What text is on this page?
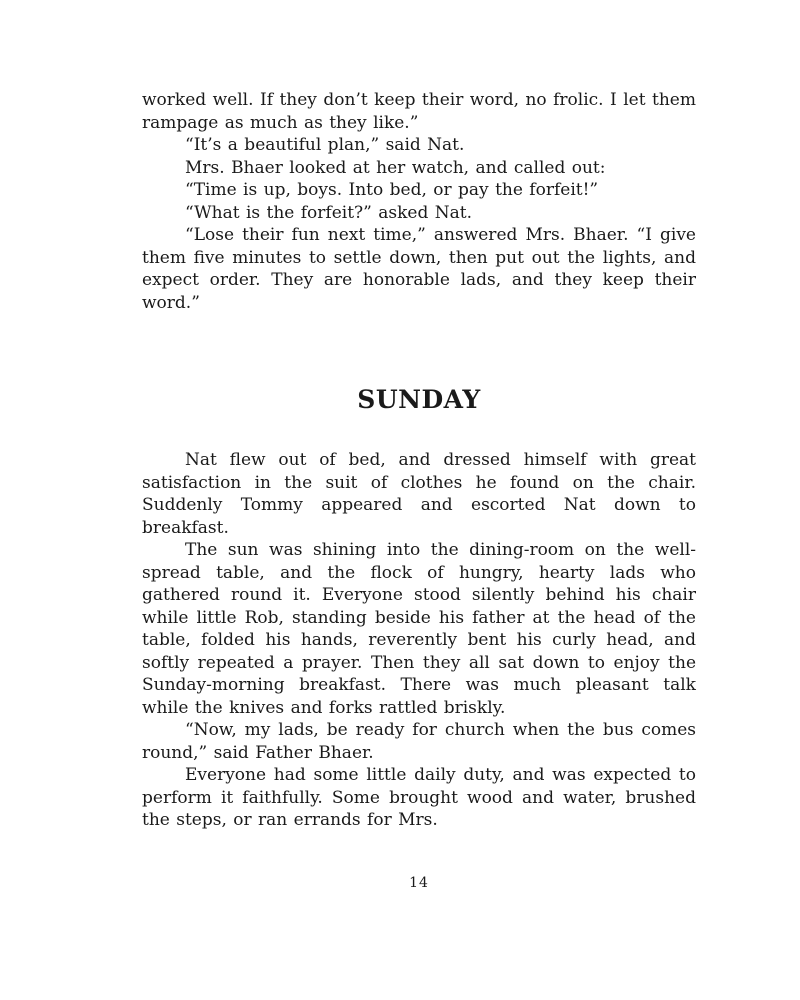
worked well. If they don’t keep their word, no frolic. I let them rampage as much as they like.”

“It’s a beautiful plan,” said Nat.

Mrs. Bhaer looked at her watch, and called out:

“Time is up, boys. Into bed, or pay the forfeit!”

“What is the forfeit?” asked Nat.

“Lose their fun next time,” answered Mrs. Bhaer. “I give them five minutes to settle down, then put out the lights, and expect order. They are honorable lads, and they keep their word.”

SUNDAY

Nat flew out of bed, and dressed himself with great satisfaction in the suit of clothes he found on the chair. Suddenly Tommy appeared and escorted Nat down to breakfast.

The sun was shining into the dining-room on the well-spread table, and the flock of hungry, hearty lads who gathered round it. Everyone stood silently behind his chair while little Rob, standing beside his father at the head of the table, folded his hands, reverently bent his curly head, and softly repeated a prayer. Then they all sat down to enjoy the Sunday-morning breakfast. There was much pleasant talk while the knives and forks rattled briskly.

“Now, my lads, be ready for church when the bus comes round,” said Father Bhaer.

Everyone had some little daily duty, and was expected to perform it faithfully. Some brought wood and water, brushed the steps, or ran errands for Mrs.

14
